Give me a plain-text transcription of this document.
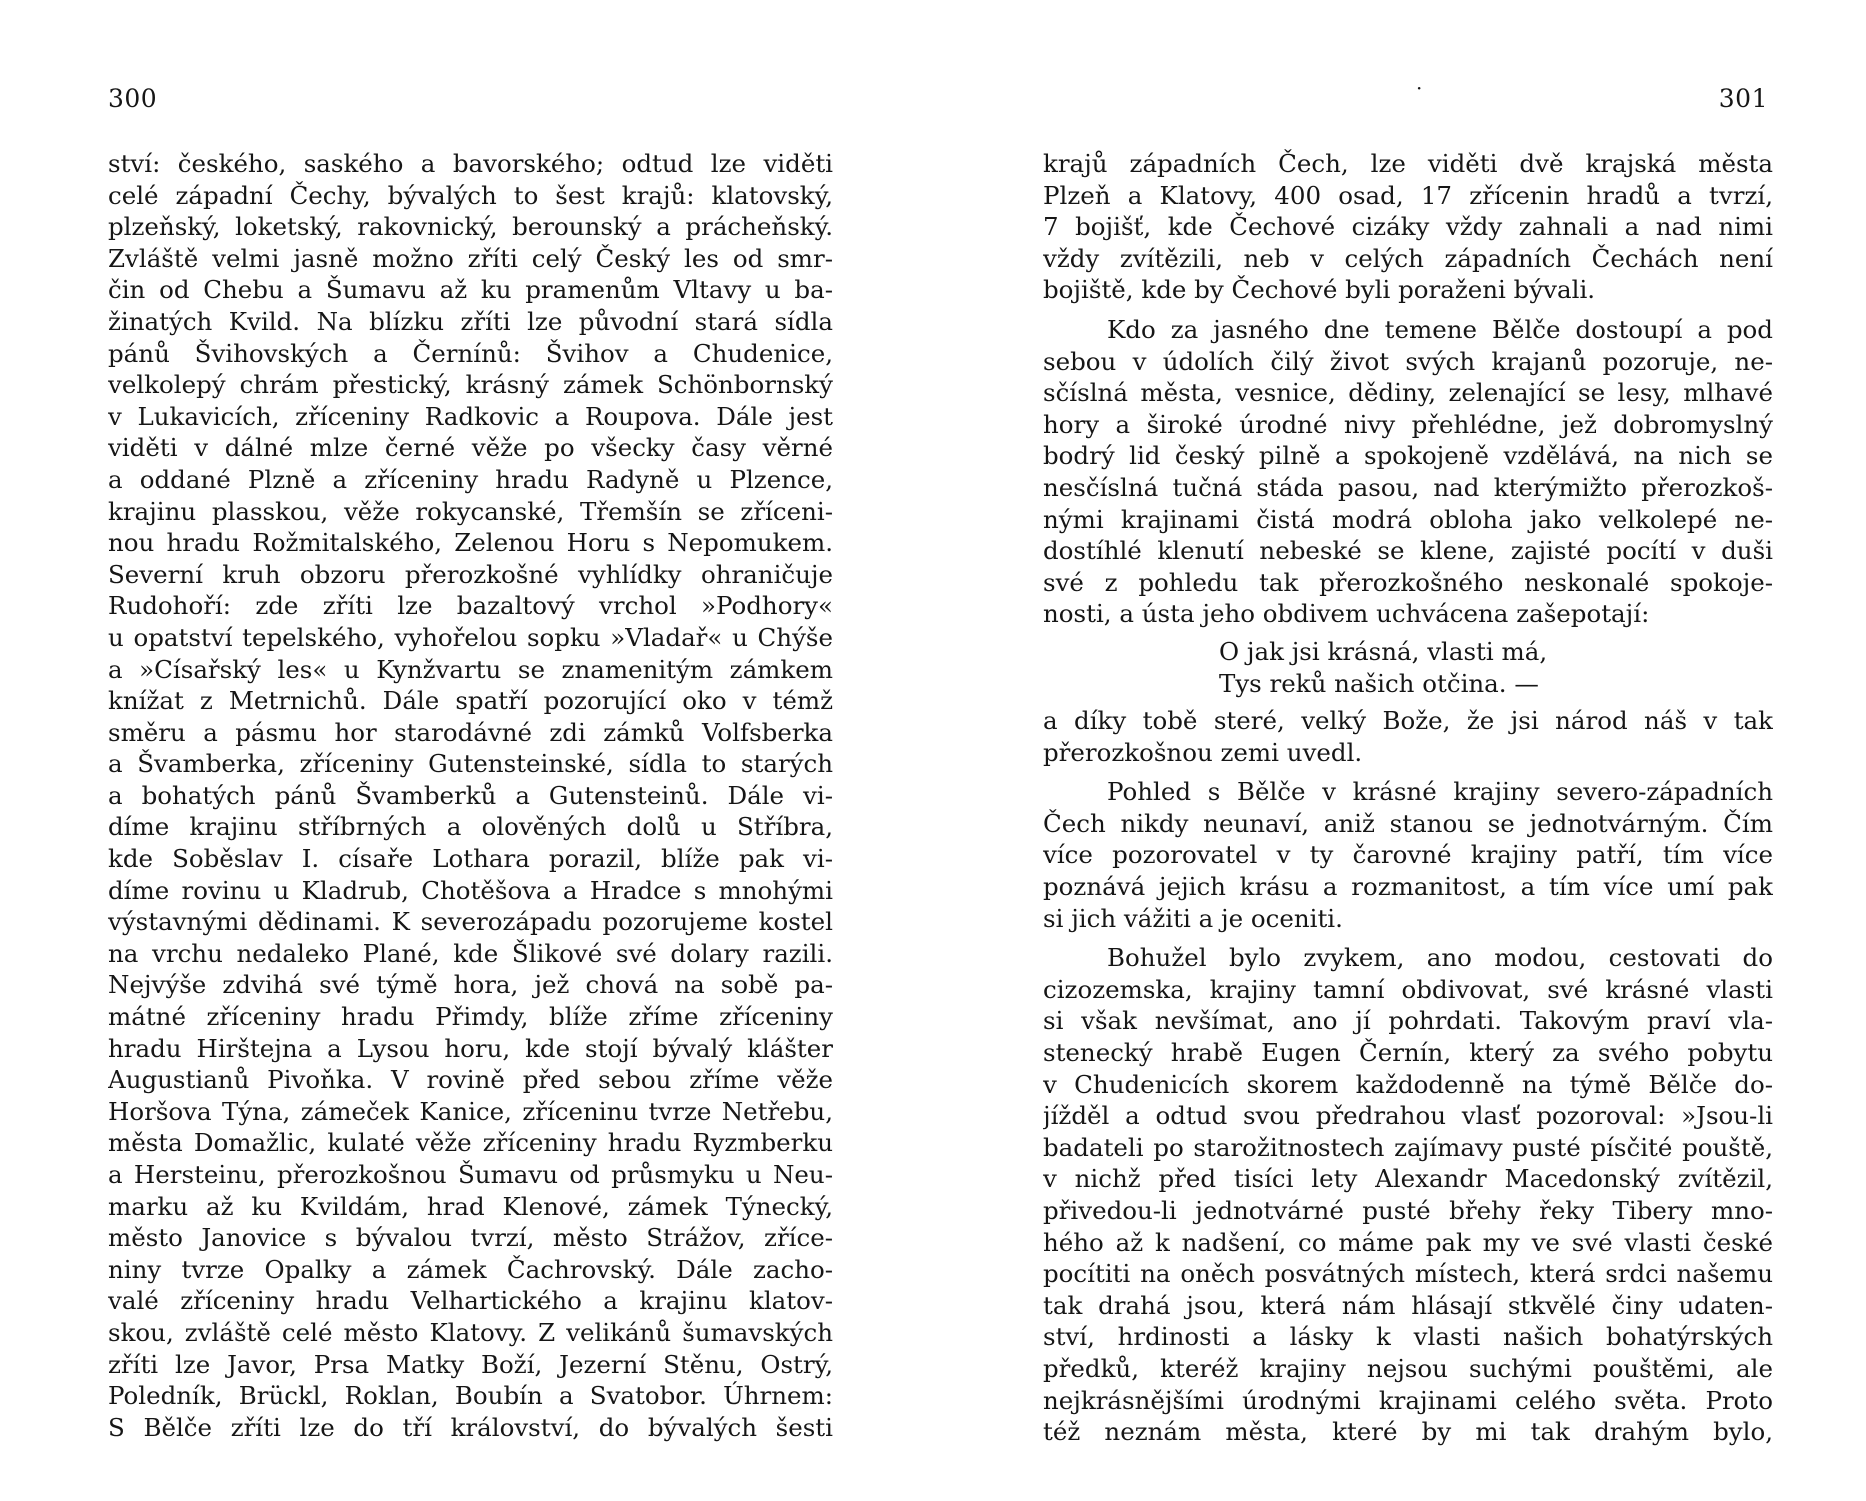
300
ství: českého, saského a bavorského; odtud lze viděti
celé západní Čechy, bývalých to šest krajů: klatovský,
plzeňský, loketský, rakovnický, berounský a prácheňský.
Zvláště velmi jasně možno zříti celý Český les od smr-
čin od Chebu a Šumavu až ku pramenům Vltavy u ba-
žinatých Kvild. Na blízku zříti lze původní stará sídla
pánů Švihovských a Černínů: Švihov a Chudenice,
velkolepý chrám přestický, krásný zámek Schönbornský
v Lukavicích, zříceniny Radkovic a Roupova. Dále jest
viděti v dálné mlze černé věže po všecky časy věrné
a oddané Plzně a zříceniny hradu Radyně u Plzence,
krajinu plasskou, věže rokycanské, Třemšín se zříceni-
nou hradu Rožmitalského, Zelenou Horu s Nepomukem.
Severní kruh obzoru přerozkošné vyhlídky ohraničuje
Rudohoří: zde zříti lze bazaltový vrchol »Podhory«
u opatství tepelského, vyhořelou sopku »Vladař« u Chýše
a »Císařský les« u Kynžvartu se znamenitým zámkem
knížat z Metrnichů. Dále spatří pozorující oko v témž
směru a pásmu hor starodávné zdi zámků Volfsberka
a Švamberka, zříceniny Gutensteinské, sídla to starých
a bohatých pánů Švamberků a Gutensteinů. Dále vi-
díme krajinu stříbrných a olověných dolů u Stříbra,
kde Soběslav I. císaře Lothara porazil, blíže pak vi-
díme rovinu u Kladrub, Chotěšova a Hradce s mnohými
výstavnými dědinami. K severozápadu pozorujeme kostel
na vrchu nedaleko Plané, kde Šlikové své dolary razili.
Nejvýše zdvihá své týmě hora, jež chová na sobě pa-
mátné zříceniny hradu Přimdy, blíže zříme zříceniny
hradu Hirštejna a Lysou horu, kde stojí bývalý klášter
Augustianů Pivoňka. V rovině před sebou zříme věže
Horšova Týna, zámeček Kanice, zříceninu tvrze Netřebu,
města Domažlic, kulaté věže zříceniny hradu Ryzmberku
a Hersteinu, přerozkošnou Šumavu od průsmyku u Neu-
marku až ku Kvildám, hrad Klenové, zámek Týnecký,
město Janovice s bývalou tvrzí, město Strážov, zříce-
niny tvrze Opalky a zámek Čachrovský. Dále zacho-
valé zříceniny hradu Velhartického a krajinu klatov-
skou, zvláště celé město Klatovy. Z velikánů šumavských
zříti lze Javor, Prsa Matky Boží, Jezerní Stěnu, Ostrý,
Poledník, Brückl, Roklan, Boubín a Svatobor. Úhrnem:
S Bělče zříti lze do tří království, do bývalých šesti
·	301
krajů západních Čech, lze viděti dvě krajská města
Plzeň a Klatovy, 400 osad, 17 zřícenin hradů a tvrzí,
7 bojišť, kde Čechové cizáky vždy zahnali a nad nimi
vždy zvítězili, neb v celých západních Čechách není
bojiště, kde by Čechové byli poraženi bývali.
Kdo za jasného dne temene Bělče dostoupí a pod
sebou v údolích čilý život svých krajanů pozoruje, ne-
sčíslná města, vesnice, dědiny, zelenající se lesy, mlhavé
hory a široké úrodné nivy přehlédne, jež dobromyslný
bodrý lid český pilně a spokojeně vzdělává, na nich se
nesčíslná tučná stáda pasou, nad kterýmižto přerozkoš-
nými krajinami čistá modrá obloha jako velkolepé ne-
dostíhlé klenutí nebeské se klene, zajisté pocítí v duši
své z pohledu tak přerozkošného neskonalé spokoje-
nosti, a ústa jeho obdivem uchvácena zašepotají:
O jak jsi krásná, vlasti má,
Tys reků našich otčina. —
a díky tobě steré, velký Bože, že jsi národ náš v tak
přerozkošnou zemi uvedl.
Pohled s Bělče v krásné krajiny severo-západních
Čech nikdy neunaví, aniž stanou se jednotvárným. Čím
více pozorovatel v ty čarovné krajiny patří, tím více
poznává jejich krásu a rozmanitost, a tím více umí pak
si jich vážiti a je oceniti.
Bohužel bylo zvykem, ano modou, cestovati do
cizozemska, krajiny tamní obdivovat, své krásné vlasti
si však nevšímat, ano jí pohrdati. Takovým praví vla-
stenecký hrabě Eugen Černín, který za svého pobytu
v Chudenicích skorem každodenně na týmě Bělče do-
jížděl a odtud svou předrahou vlasť pozoroval: »Jsou-li
badateli po starožitnostech zajímavy pusté písčité pouště,
v nichž před tisíci lety Alexandr Macedonský zvítězil,
přivedou-li jednotvárné pusté břehy řeky Tibery mno-
hého až k nadšení, co máme pak my ve své vlasti české
pocítiti na oněch posvátných místech, která srdci našemu
tak drahá jsou, která nám hlásají stkvělé činy udaten-
ství, hrdinosti a lásky k vlasti našich bohatýrských
předků, kteréž krajiny nejsou suchými pouštěmi, ale
nejkrásnějšími úrodnými krajinami celého světa. Proto
též neznám města, které by mi tak drahým bylo,
